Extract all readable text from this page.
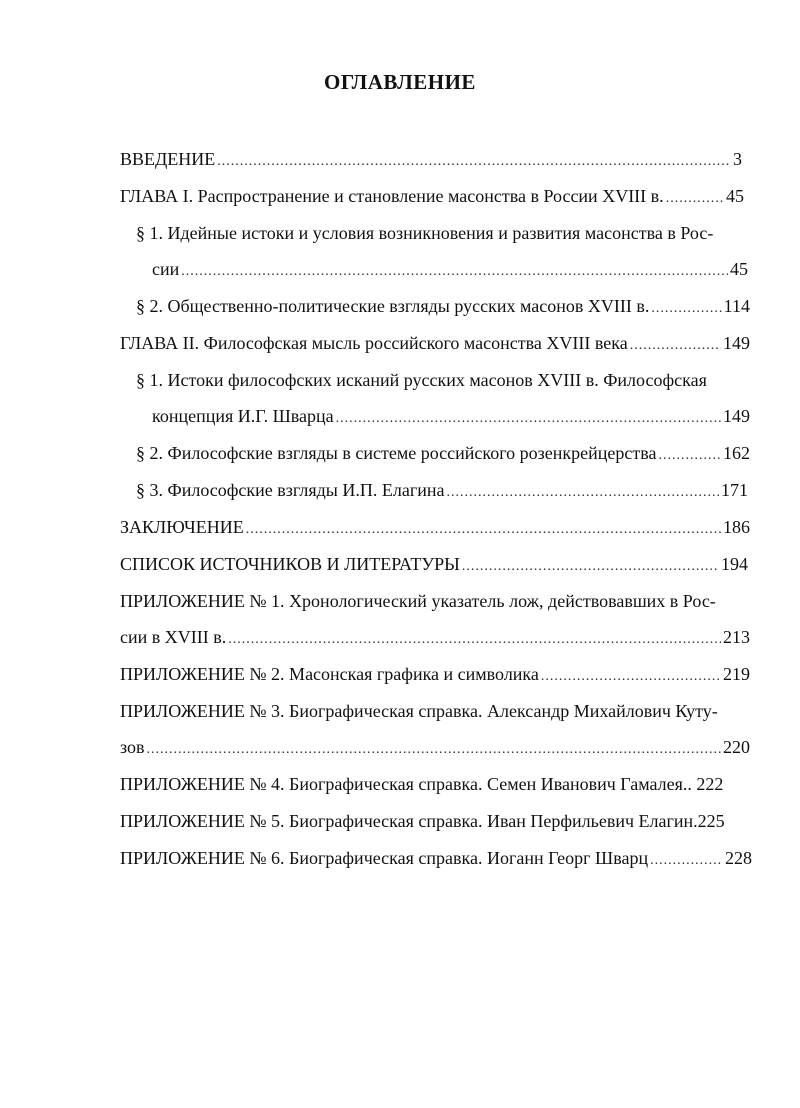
ОГЛАВЛЕНИЕ
ВВЕДЕНИЕ .....	3
ГЛАВА I. Распространение и становление масонства в России XVIII в. .....	45
§ 1. Идейные истоки и условия возникновения и развития масонства в Рос-
сии .....	45
§ 2. Общественно-политические взгляды русских масонов XVIII в. .....	114
ГЛАВА II. Философская мысль российского масонства XVIII века .....	149
§ 1. Истоки философских исканий русских масонов XVIII в. Философская
концепция И.Г. Шварца .....	149
§ 2. Философские взгляды в системе российского розенкрейцерства .....	162
§ 3. Философские взгляды И.П. Елагина .....	171
ЗАКЛЮЧЕНИЕ .....	186
СПИСОК ИСТОЧНИКОВ И ЛИТЕРАТУРЫ .....	194
ПРИЛОЖЕНИЕ № 1. Хронологический указатель лож, действовавших в Рос-
сии в XVIII в. .....	213
ПРИЛОЖЕНИЕ № 2. Масонская графика и символика .....	219
ПРИЛОЖЕНИЕ № 3. Биографическая справка. Александр Михайлович Куту-
зов .....	220
ПРИЛОЖЕНИЕ № 4. Биографическая справка. Семен Иванович Гамалея.. 222
ПРИЛОЖЕНИЕ № 5. Биографическая справка. Иван Перфильевич Елагин.225
ПРИЛОЖЕНИЕ № 6. Биографическая справка. Иоганн Георг Шварц .....	228
